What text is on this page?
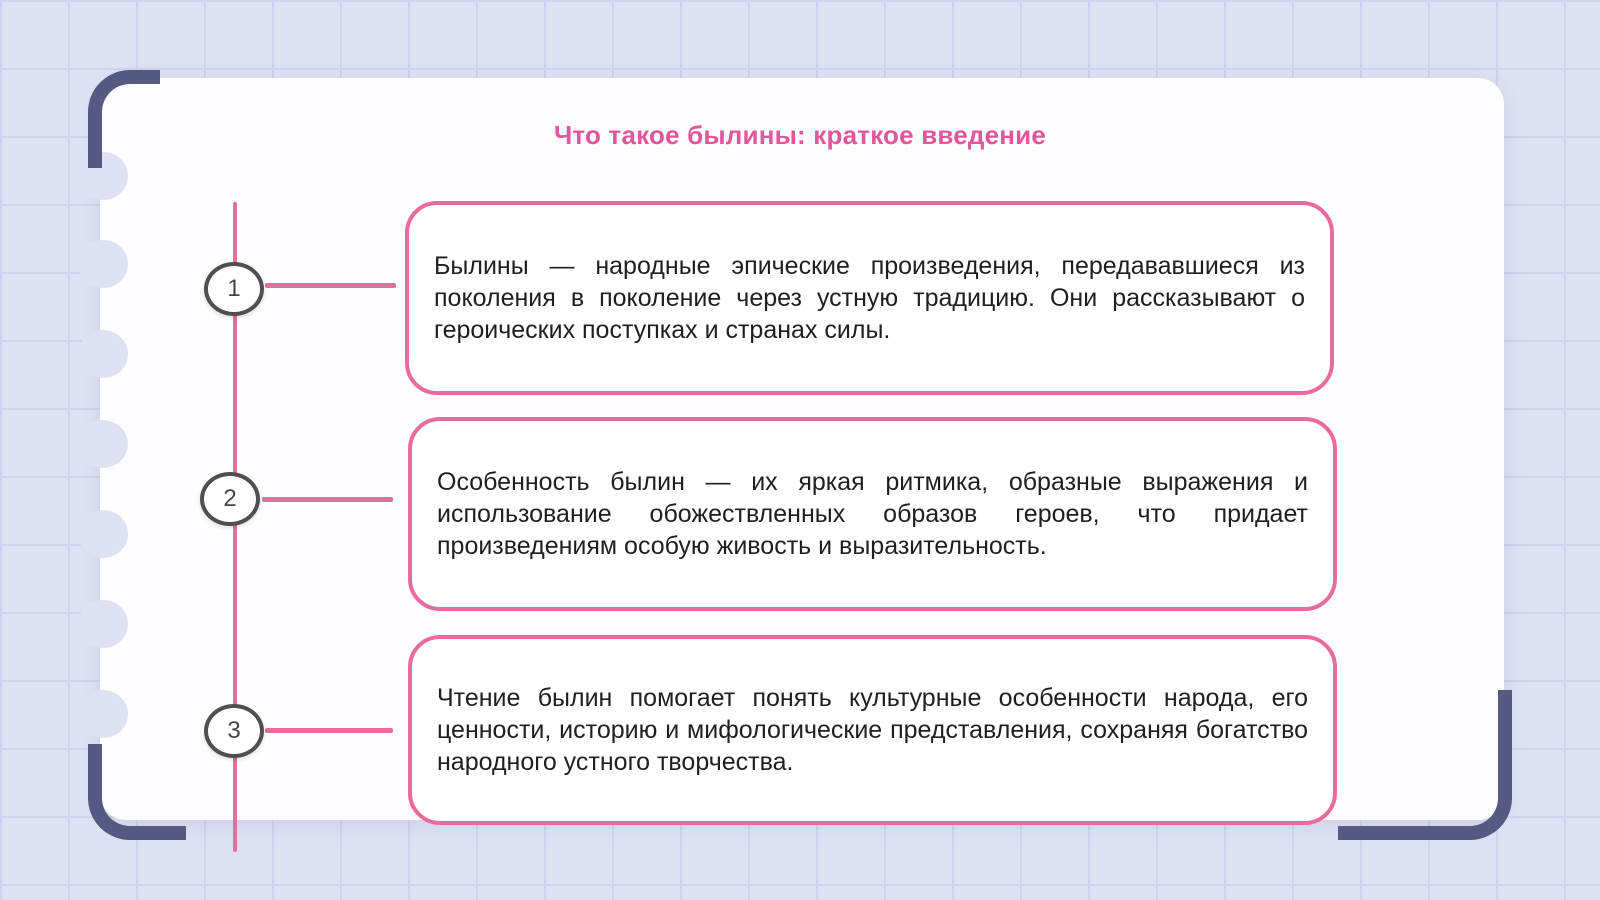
Что такое былины: краткое введение
1
2
3

Былины — народные эпические произведения, передававшиеся из поколения в поколение через устную традицию. Они рассказывают о героических поступках и странах силы.

Особенность былин — их яркая ритмика, образные выражения и использование обожествленных образов героев, что придает произведениям особую живость и выразительность.

Чтение былин помогает понять культурные особенности народа, его ценности, историю и мифологические представления, сохраняя богатство народного устного творчества.
